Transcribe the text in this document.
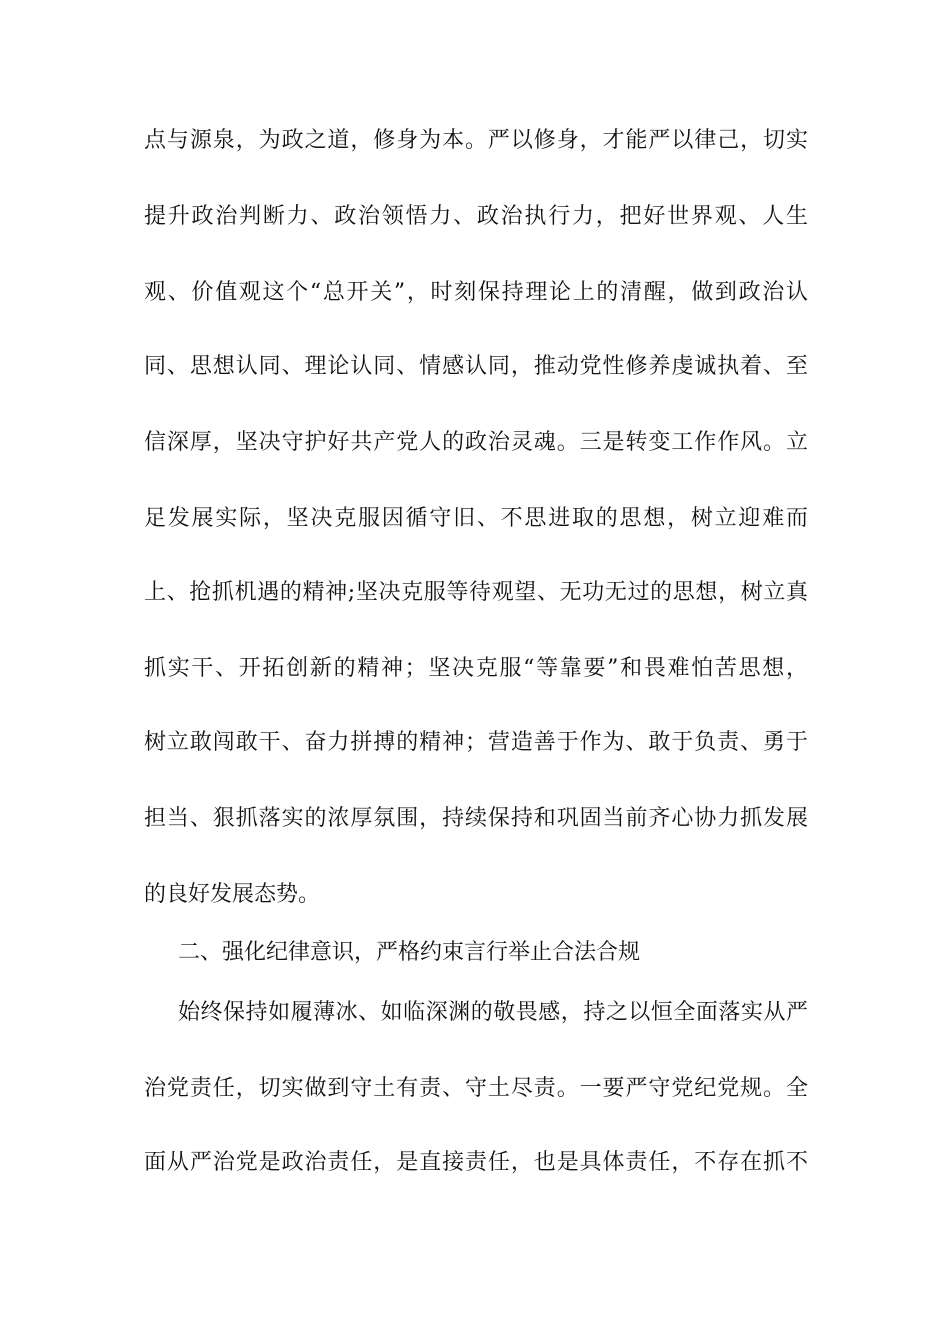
点与源泉，为政之道，修身为本。严以修身，才能严以律己，切实
提升政治判断力、政治领悟力、政治执行力，把好世界观、人生
观、价值观这个“总开关”，时刻保持理论上的清醒，做到政治认
同、思想认同、理论认同、情感认同，推动党性修养虔诚执着、至
信深厚，坚决守护好共产党人的政治灵魂。三是转变工作作风。立
足发展实际，坚决克服因循守旧、不思进取的思想，树立迎难而
上、抢抓机遇的精神;坚决克服等待观望、无功无过的思想，树立真
抓实干、开拓创新的精神；坚决克服“等靠要”和畏难怕苦思想，
树立敢闯敢干、奋力拼搏的精神；营造善于作为、敢于负责、勇于
担当、狠抓落实的浓厚氛围，持续保持和巩固当前齐心协力抓发展
的良好发展态势。
二、强化纪律意识，严格约束言行举止合法合规
始终保持如履薄冰、如临深渊的敬畏感，持之以恒全面落实从严
治党责任，切实做到守土有责、守土尽责。一要严守党纪党规。全
面从严治党是政治责任，是直接责任，也是具体责任，不存在抓不
